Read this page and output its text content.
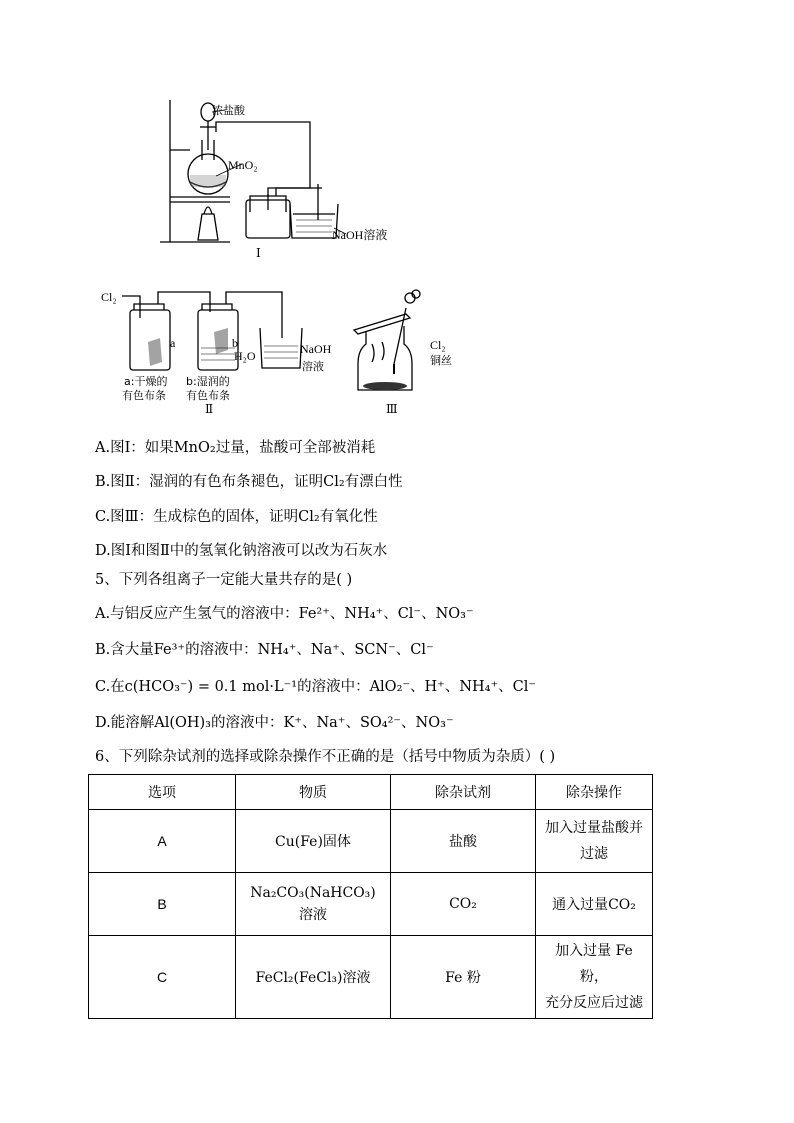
浓盐酸
MnO₂
NaOH溶液
Ⅰ
Cl₂
a	b
H₂O	NaOH
溶液
a:干燥的
有色布条
b:湿润的
有色布条
Ⅱ
Cl₂
铜丝
Ⅲ
A.图Ⅰ：如果MnO₂过量，盐酸可全部被消耗
B.图Ⅱ：湿润的有色布条褪色，证明Cl₂有漂白性
C.图Ⅲ：生成棕色的固体，证明Cl₂有氧化性
D.图Ⅰ和图Ⅱ中的氢氧化钠溶液可以改为石灰水
5、下列各组离子一定能大量共存的是( )
A.与铝反应产生氢气的溶液中：Fe²⁺、NH₄⁺、Cl⁻、NO₃⁻
B.含大量Fe³⁺的溶液中：NH₄⁺、Na⁺、SCN⁻、Cl⁻
C.在c(HCO₃⁻) = 0.1 mol·L⁻¹的溶液中：AlO₂⁻、H⁺、NH₄⁺、Cl⁻
D.能溶解Al(OH)₃的溶液中：K⁺、Na⁺、SO₄²⁻、NO₃⁻
6、下列除杂试剂的选择或除杂操作不正确的是（括号中物质为杂质）( )
选项	物质	除杂试剂	除杂操作
A	Cu(Fe)固体	盐酸	加入过量盐酸并
过滤

B	Na₂CO₃(NaHCO₃)
溶液	CO₂	通入过量CO₂
C	FeCl₂(FeCl₃)溶液	Fe 粉	加入过量 Fe 粉，
充分反应后过滤
